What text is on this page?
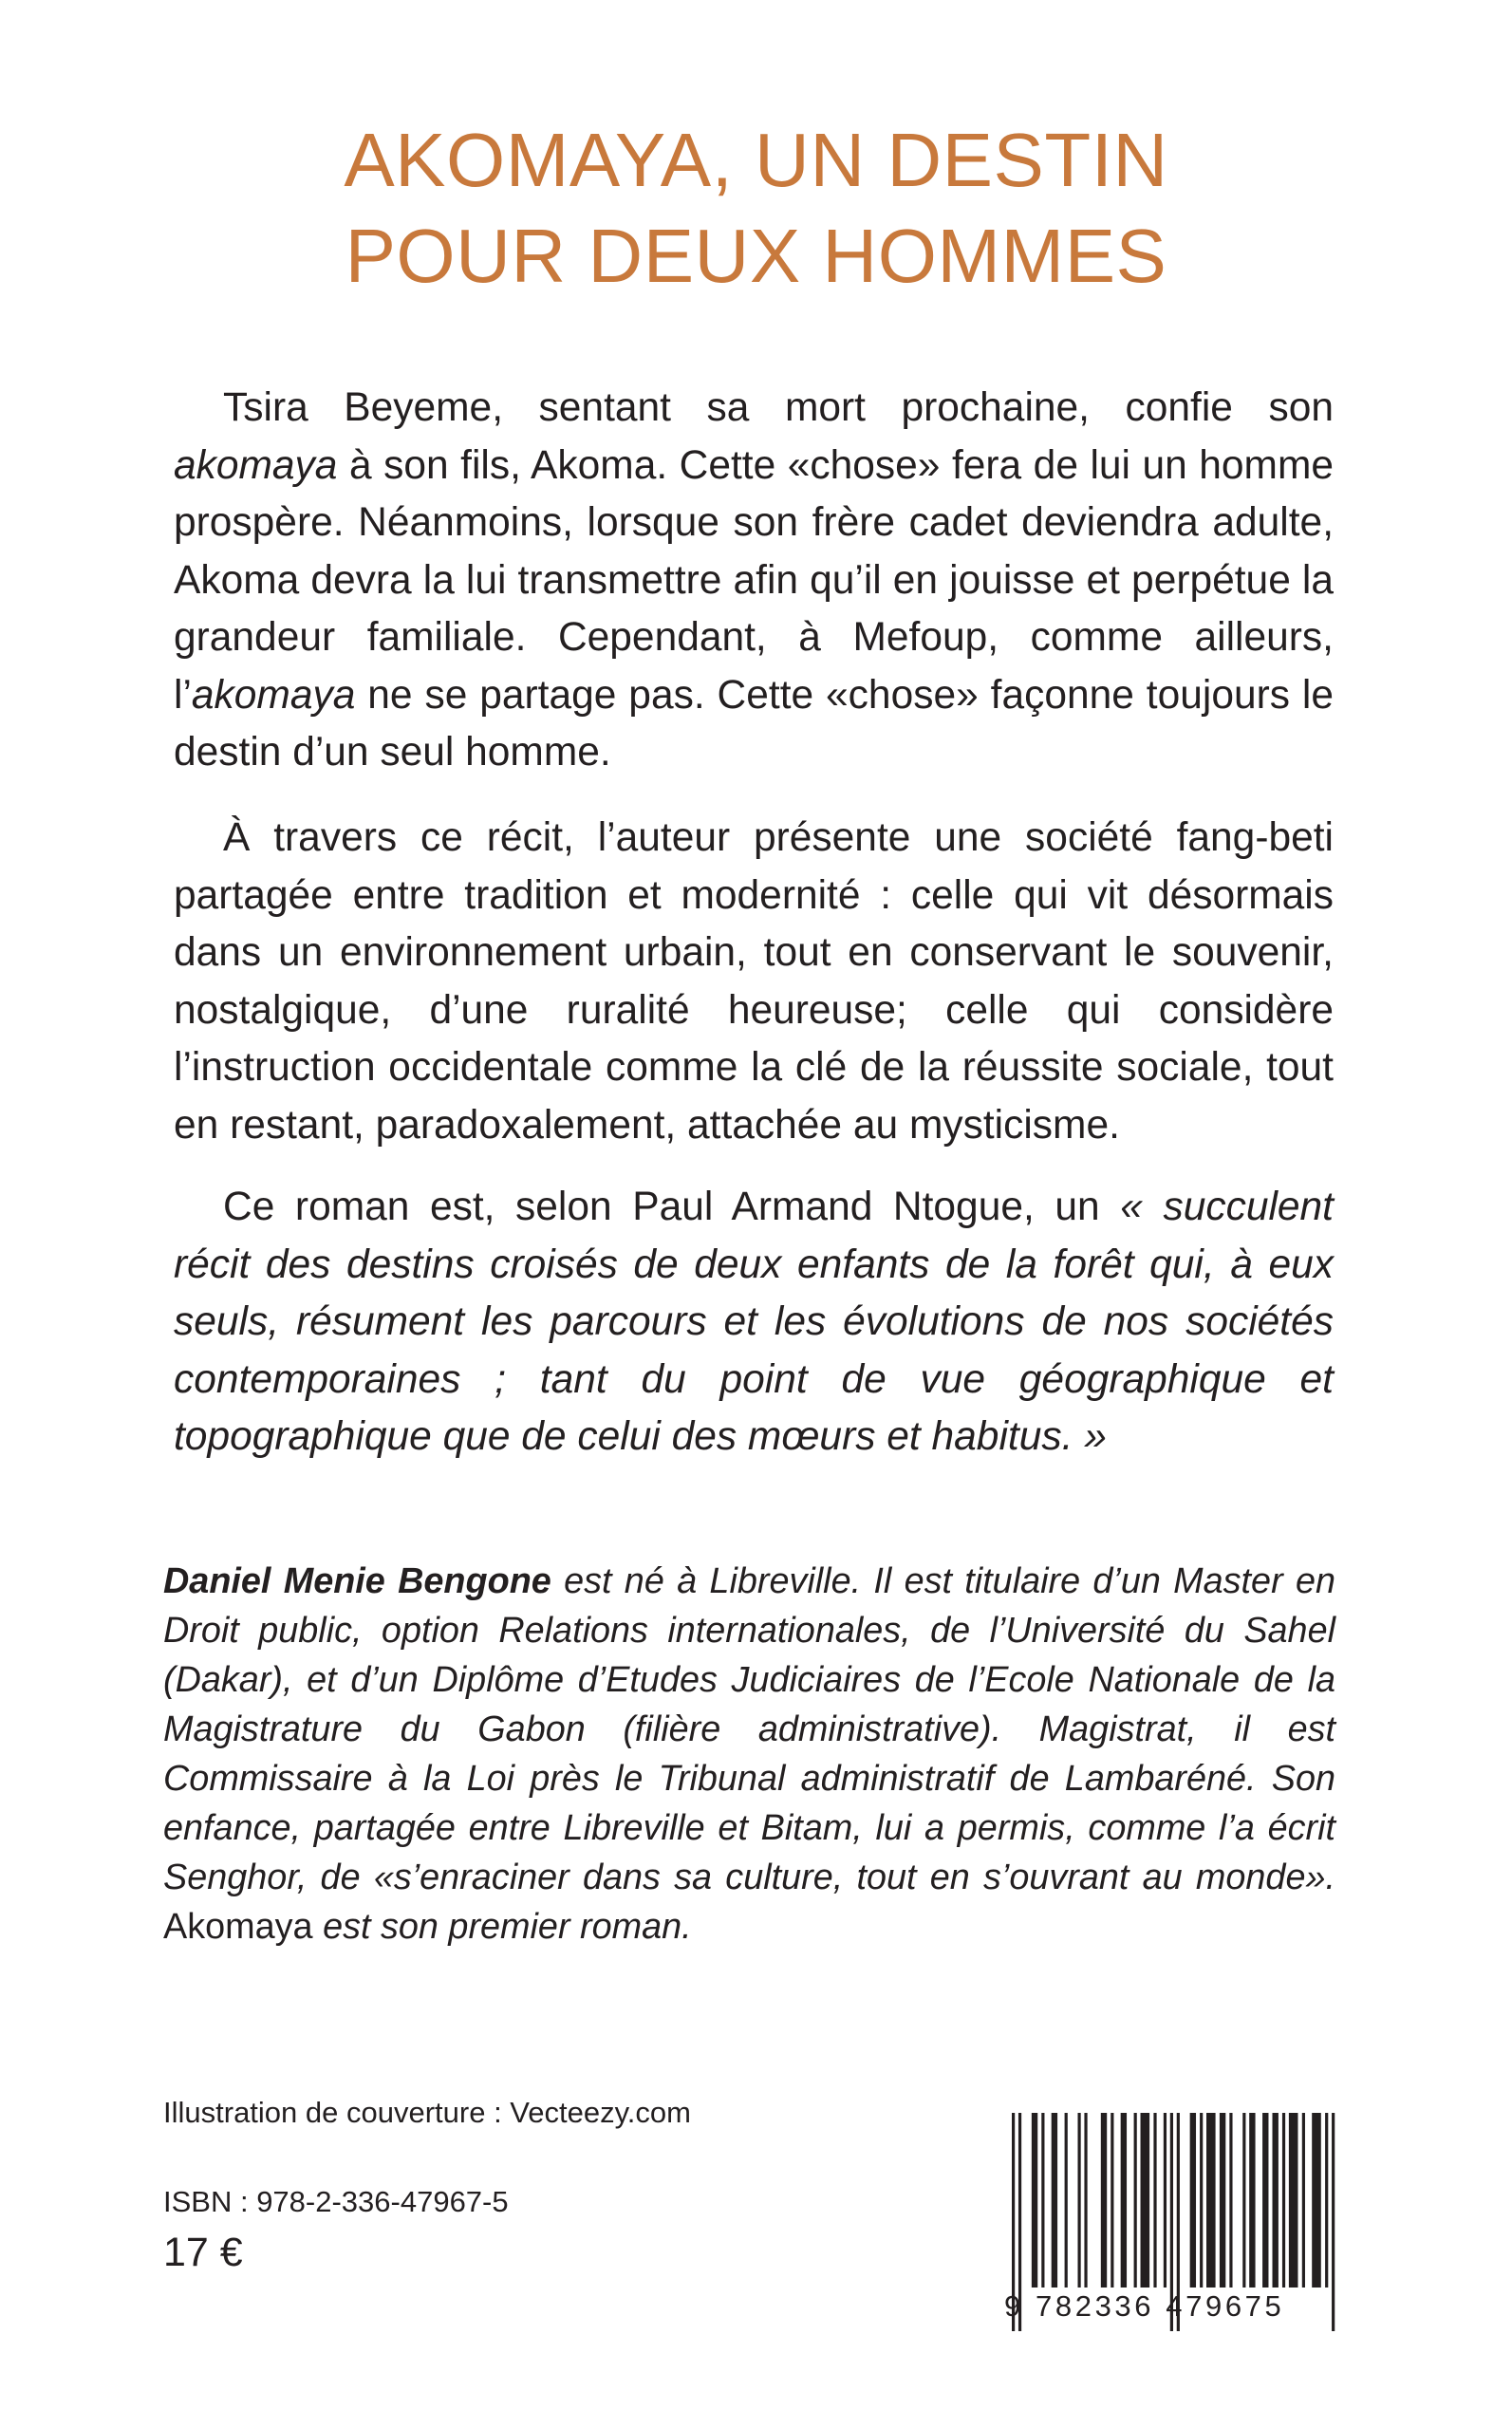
AKOMAYA, UN DESTIN
POUR DEUX HOMMES

Tsira Beyeme, sentant sa mort prochaine, confie son akomaya à son fils, Akoma. Cette «chose» fera de lui un homme prospère. Néanmoins, lorsque son frère cadet deviendra adulte, Akoma devra la lui transmettre afin qu’il en jouisse et perpétue la grandeur familiale. Cependant, à Mefoup, comme ailleurs, l’akomaya ne se partage pas. Cette «chose» façonne toujours le destin d’un seul homme.

À travers ce récit, l’auteur présente une société fang-beti partagée entre tradition et modernité : celle qui vit désormais dans un environnement urbain, tout en conservant le souvenir, nostalgique, d’une ruralité heureuse; celle qui considère l’instruction occidentale comme la clé de la réussite sociale, tout en restant, paradoxalement, attachée au mysticisme.

Ce roman est, selon Paul Armand Ntogue, un « succulent récit des destins croisés de deux enfants de la forêt qui, à eux seuls, résument les parcours et les évolutions de nos sociétés contemporaines ; tant du point de vue géographique et topographique que de celui des mœurs et habitus. »

Daniel Menie Bengone est né à Libreville. Il est titulaire d’un Master en Droit public, option Relations internationales, de l’Université du Sahel (Dakar), et d’un Diplôme d’Etudes Judiciaires de l’Ecole Nationale de la Magistrature du Gabon (filière administrative). Magistrat, il est Commissaire à la Loi près le Tribunal administratif de Lambaréné. Son enfance, partagée entre Libreville et Bitam, lui a permis, comme l’a écrit Senghor, de «s’enraciner dans sa culture, tout en s’ouvrant au monde». Akomaya est son premier roman.

Illustration de couverture : Vecteezy.com

ISBN : 978-2-336-47967-5

17 €

9 782336 479675
